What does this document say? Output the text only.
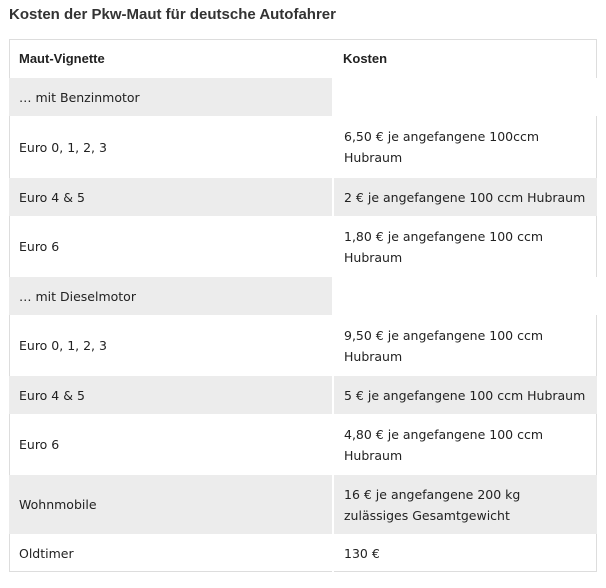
Kosten der Pkw-Maut für deutsche Autofahrer
Maut-Vignette	Kosten
… mit Benzinmotor	
Euro 0, 1, 2, 3	6,50 € je angefangene 100ccm Hubraum
Euro 4 & 5	2 € je angefangene 100 ccm Hubraum
Euro 6	1,80 € je angefangene 100 ccm Hubraum
… mit Dieselmotor	
Euro 0, 1, 2, 3	9,50 € je angefangene 100 ccm Hubraum
Euro 4 & 5	5 € je angefangene 100 ccm Hubraum
Euro 6	4,80 € je angefangene 100 ccm Hubraum
Wohnmobile	16 € je angefangene 200 kg zulässiges Gesamtgewicht
Oldtimer	130 €
